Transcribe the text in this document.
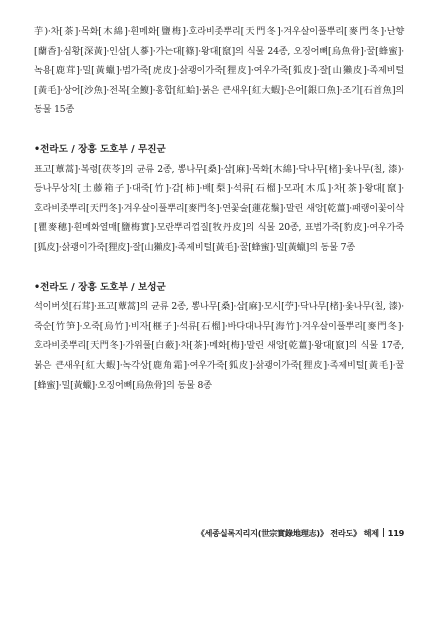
芋)·차[茶]·목화[木綿]·흰메화[鹽梅]·호라비좃뿌리[天門冬]·겨우살이풀뿌리[麥門冬]·난향[蘭香]·심황[深黃]·인삼[人蔘]·가는대[篠]·왕대[竄]의 식물 24종, 오징어뼈[烏魚骨]·꿀[蜂蜜]·녹용[鹿茸]·밀[黃蠟]·범가죽[虎皮]·삵괭이가죽[狸皮]·여우가죽[狐皮]·잘[山獺皮]·족제비털[黃毛]·상어[沙魚]·전복[全鰒]·홍합[紅蛤]·붉은 큰새우[紅大蝦]·은어[銀口魚]·조기[石首魚]의 동물 15종

•전라도 / 장흥 도호부 / 무진군

표고[蕈蒿]·복령[茯苓]의 균류 2종, 뽕나무[桑]·삼[麻]·목화[木綿]·닥나무[楮]·옻나무(칠, 漆)·등나무상치[土藤箱子]·대죽[竹]·감[柿]·배[梨]·석류[石榴]·모과[木瓜]·차[茶]·왕대[竄]·호라비좃뿌리[天門冬]·겨우살이풀뿌리[麥門冬]·연꽃술[蓮花鬚]·말린 새앙[乾薑]·패랭이꽃이삭[瞿麥穗]·흰메화열매[鹽梅實]·모란뿌리껍질[牧丹皮]의 식물 20종, 표범가죽[豹皮]·여우가죽[狐皮]·삵괭이가죽[狸皮]·잘[山獺皮]·족제비털[黃毛]·꿀[蜂蜜]·밀[黃蠟]의 동물 7종

•전라도 / 장흥 도호부 / 보성군

석이버섯[石茸]·표고[蕈蒿]의 균류 2종, 뽕나무[桑]·삼[麻]·모시[苧]·닥나무[楮]·옻나무(칠, 漆)·죽순[竹笋]·오죽[烏竹]·비자[榧子]·석류[石榴]·바다대나무[海竹]·겨우살이풀뿌리[麥門冬]·호라비좃뿌리[天門冬]·가위풀[白蘞]·차[茶]·메화[梅]·말린 새앙[乾薑]·왕대[竄]의 식물 17종, 붉은 큰새우[紅大蝦]·녹각상[鹿角霜]·여우가죽[狐皮]·삵괭이가죽[狸皮]·족제비털[黃毛]·꿀[蜂蜜]·밀[黃蠟]·오징어뼈[烏魚骨]의 동물 8종

《세종실록지리지(世宗實錄地理志)》 전라도》 해제 119
